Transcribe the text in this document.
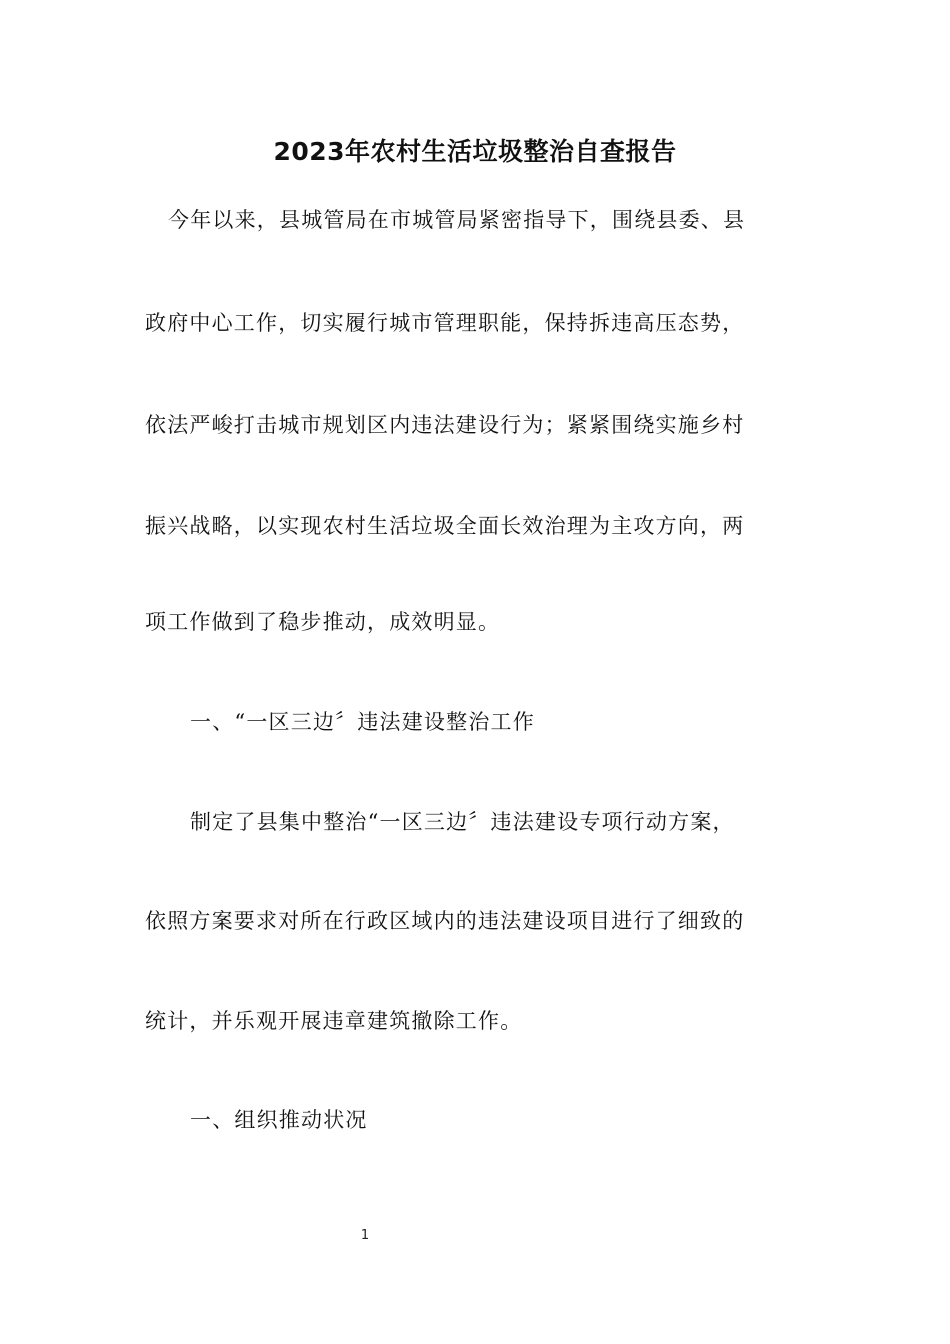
2023年农村生活垃圾整治自查报告

今年以来，县城管局在市城管局紧密指导下，围绕县委、县

政府中心工作，切实履行城市管理职能，保持拆违高压态势，

依法严峻打击城市规划区内违法建设行为；紧紧围绕实施乡村

振兴战略，以实现农村生活垃圾全面长效治理为主攻方向，两

项工作做到了稳步推动，成效明显。

一、“一区三边〞违法建设整治工作

制定了县集中整治“一区三边〞违法建设专项行动方案，

依照方案要求对所在行政区域内的违法建设项目进行了细致的

统计，并乐观开展违章建筑撤除工作。

一、组织推动状况

1
